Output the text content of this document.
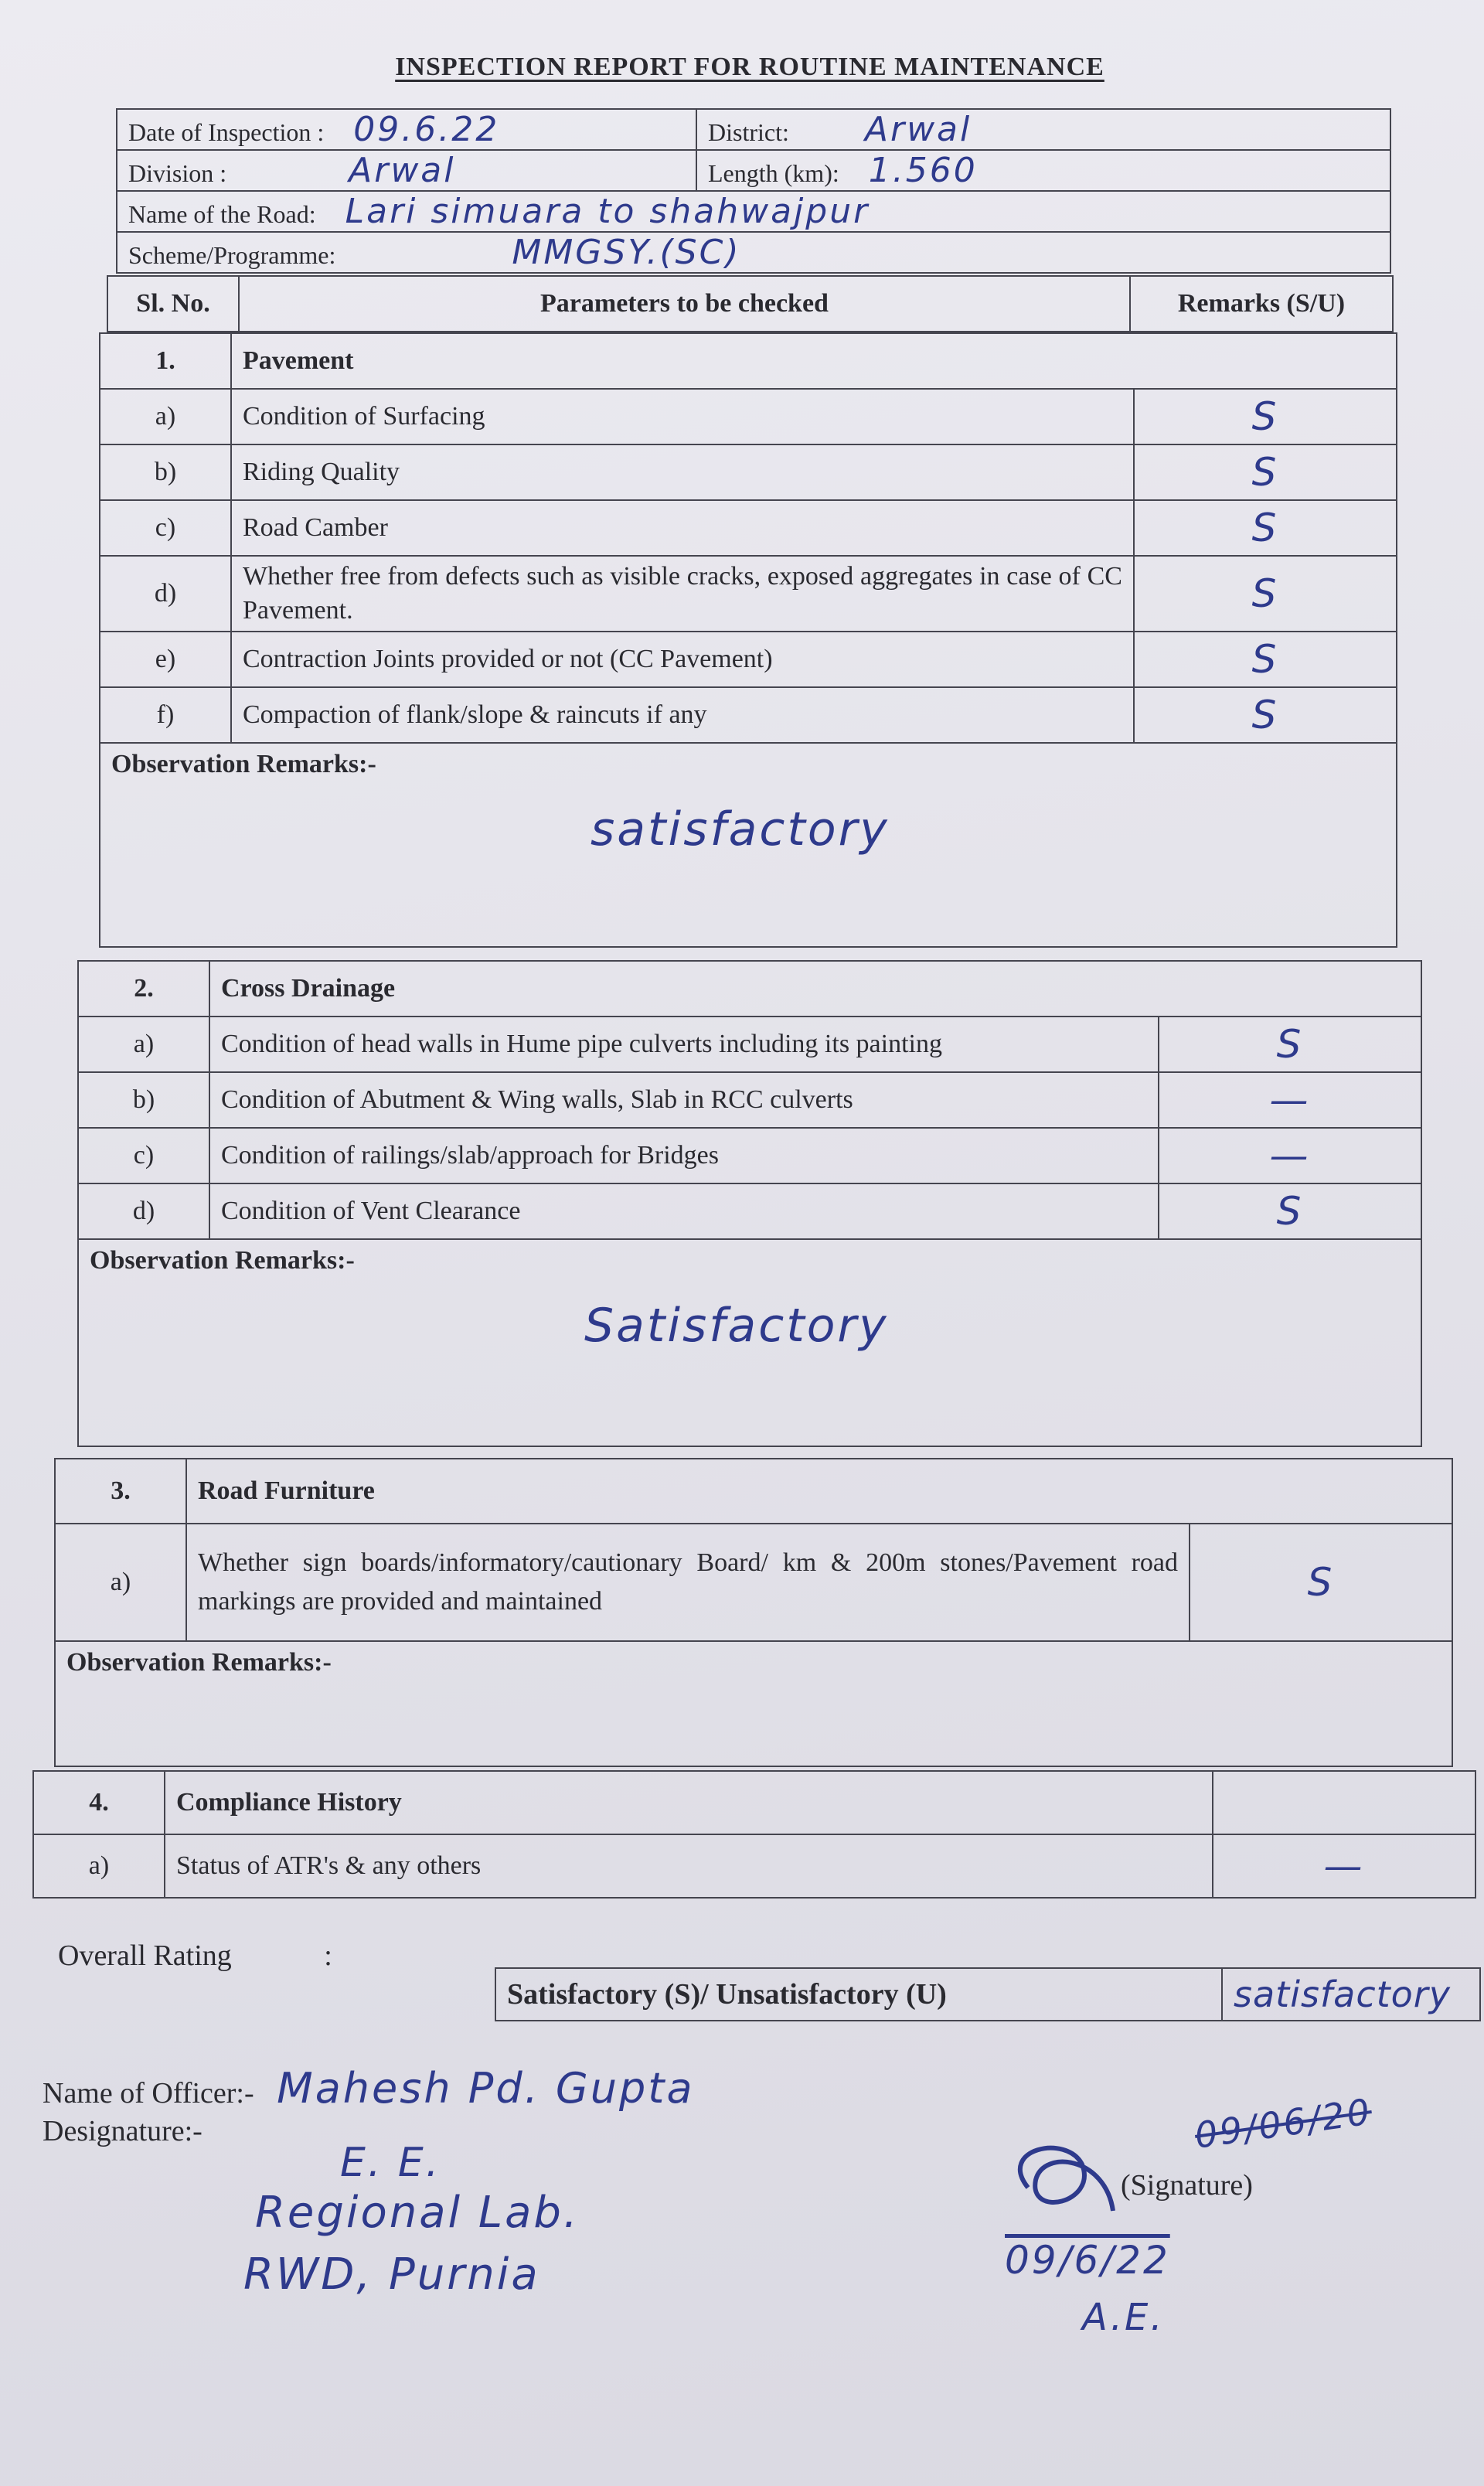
INSPECTION REPORT FOR ROUTINE MAINTENANCE
Date of Inspection : 09.6.22	District: Arwal
Division : Arwal	Length (km): 1.560
Name of the Road: Lari simuara to shahwajpur	
Scheme/Programme: MMGSY.(SC)	
Sl. No.	Parameters to be checked	Remarks (S/U)
1.	Pavement	
a)	Condition of Surfacing	S
b)	Riding Quality	S
c)	Road Camber	S
d)	Whether free from defects such as visible cracks, exposed aggregates in case of CC Pavement.	S
e)	Contraction Joints provided or not (CC Pavement)	S
f)	Compaction of flank/slope & raincuts if any	S

Observation Remarks:-
satisfactory		
2.	Cross Drainage	
a)	Condition of head walls in Hume pipe culverts including its painting	S
b)	Condition of Abutment & Wing walls, Slab in RCC culverts	—
c)	Condition of railings/slab/approach for Bridges	—
d)	Condition of Vent Clearance	S

Observation Remarks:-
Satisfactory		
3.	Road Furniture	
a)	Whether sign boards/informatory/cautionary Board/ km & 200m stones/Pavement road markings are provided and maintained	S

Observation Remarks:-		
4.	Compliance History	
a)	Status of ATR's & any others	—
Overall Rating	:
Satisfactory (S)/ Unsatisfactory (U)	satisfactory
Name of Officer:- Mahesh Pd. Gupta
Designature:-
E. E.
Regional Lab.
RWD, Purnia
(Signature)
09/6/22
A.E.
09/06/20
